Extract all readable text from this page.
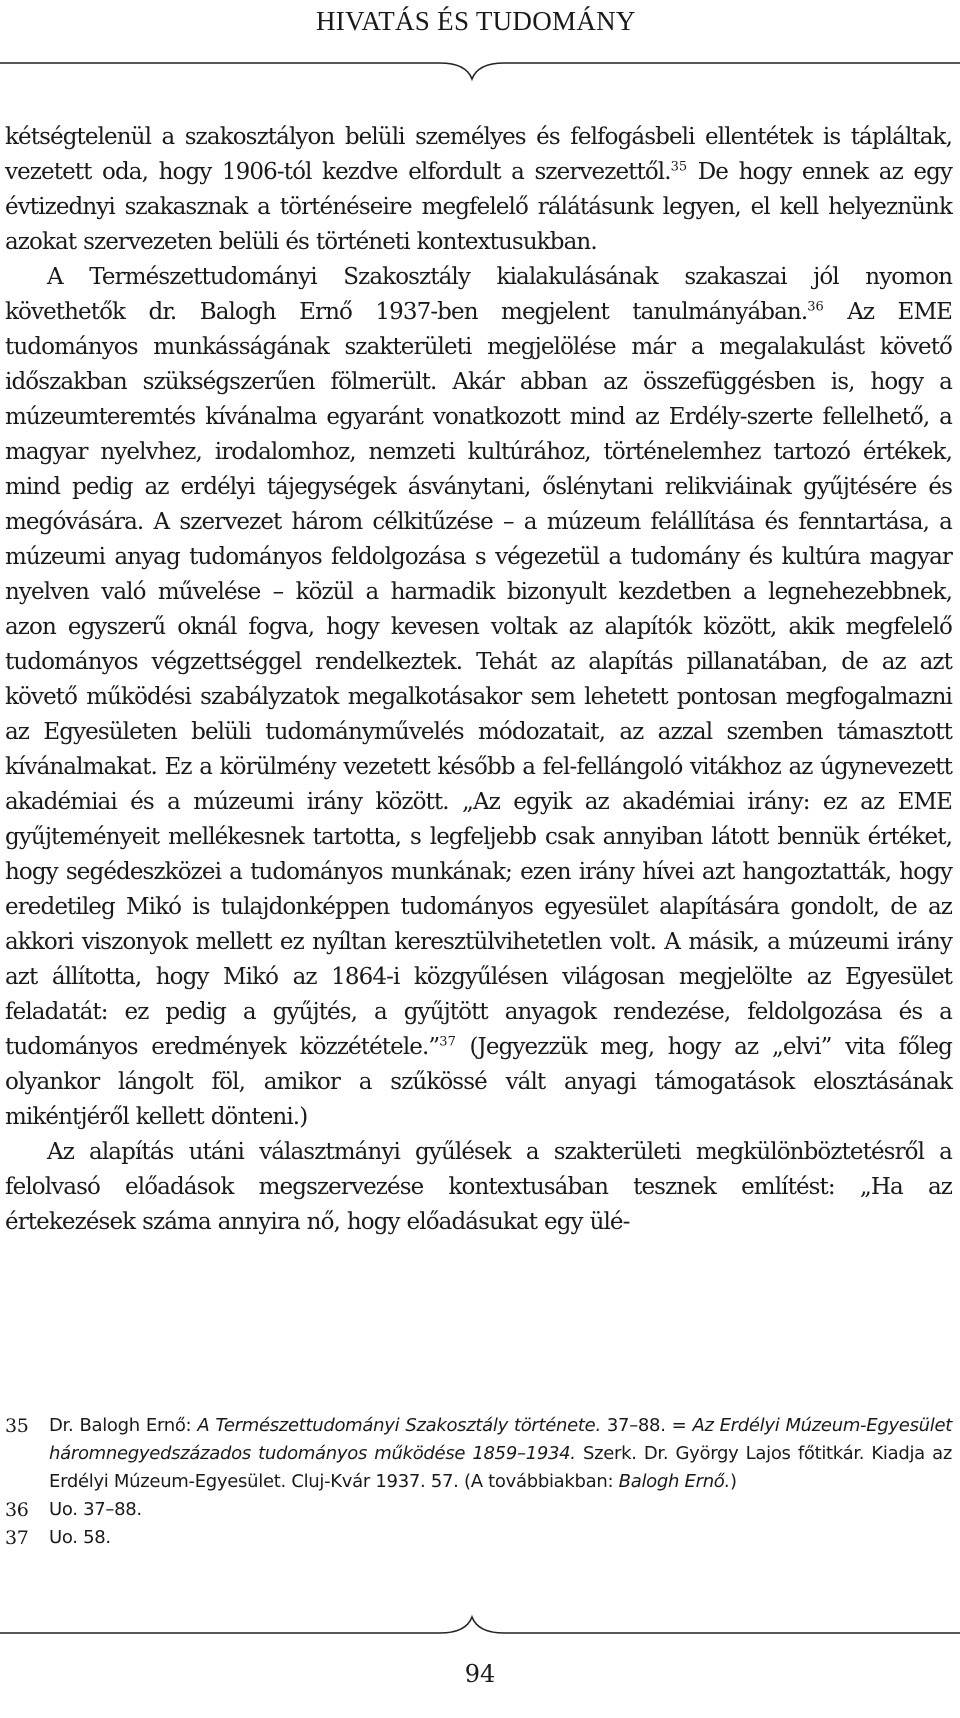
HIVATÁS ÉS TUDOMÁNY

kétségtelenül a szakosztályon belüli személyes és felfogásbeli ellentétek is tápláltak, vezetett oda, hogy 1906-tól kezdve elfordult a szervezettől.$^{35}$ De hogy ennek az egy évtizednyi szakasznak a történéseire megfelelő rálátásunk legyen, el kell helyeznünk azokat szervezeten belüli és történeti kontextusukban.

A Természettudományi Szakosztály kialakulásának szakaszai jól nyomon követhetők dr. Balogh Ernő 1937-ben megjelent tanulmányában.$^{36}$ Az EME tudományos munkásságának szakterületi megjelölése már a megalakulást követő időszakban szükségszerűen fölmerült. Akár abban az összefüggésben is, hogy a múzeumteremtés kívánalma egyaránt vonatkozott mind az Erdély-szerte fellelhető, a magyar nyelvhez, irodalomhoz, nemzeti kultúrához, történelemhez tartozó értékek, mind pedig az erdélyi tájegységek ásványtani, őslénytani relikviáinak gyűjtésére és megóvására. A szervezet három célkitűzése – a múzeum felállítása és fenntartása, a múzeumi anyag tudományos feldolgozása s végezetül a tudomány és kultúra magyar nyelven való művelése – közül a harmadik bizonyult kezdetben a legnehezebbnek, azon egyszerű oknál fogva, hogy kevesen voltak az alapítók között, akik megfelelő tudományos végzettséggel rendelkeztek. Tehát az alapítás pillanatában, de az azt követő működési szabályzatok megalkotásakor sem lehetett pontosan megfogalmazni az Egyesületen belüli tudományművelés módozatait, az azzal szemben támasztott kívánalmakat. Ez a körülmény vezetett később a fel-fellángoló vitákhoz az úgynevezett akadémiai és a múzeumi irány között. „Az egyik az akadémiai irány: ez az EME gyűjteményeit mellékesnek tartotta, s legfeljebb csak annyiban látott bennük értéket, hogy segédeszközei a tudományos munkának; ezen irány hívei azt hangoztatták, hogy eredetileg Mikó is tulajdonképpen tudományos egyesület alapítására gondolt, de az akkori viszonyok mellett ez nyíltan keresztülvihetetlen volt. A másik, a múzeumi irány azt állította, hogy Mikó az 1864-i közgyűlésen világosan megjelölte az Egyesület feladatát: ez pedig a gyűjtés, a gyűjtött anyagok rendezése, feldolgozása és a tudományos eredmények közzététele.”$^{37}$ (Jegyezzük meg, hogy az „elvi” vita főleg olyankor lángolt föl, amikor a szűkössé vált anyagi támogatások elosztásának mikéntjéről kellett dönteni.)

Az alapítás utáni választmányi gyűlések a szakterületi megkülönböztetésről a felolvasó előadások megszervezése kontextusában tesznek említést: „Ha az értekezések száma annyira nő, hogy előadásukat egy ülé-

35 Dr. Balogh Ernő: A Természettudományi Szakosztály története. 37–88. = Az Erdélyi Múzeum-Egyesület háromnegyedszázados tudományos működése 1859–1934. Szerk. Dr. György Lajos főtitkár. Kiadja az Erdélyi Múzeum-Egyesület. Cluj-Kvár 1937. 57. (A továbbiakban: Balogh Ernő.)

36 Uo. 37–88.

37 Uo. 58.

94
